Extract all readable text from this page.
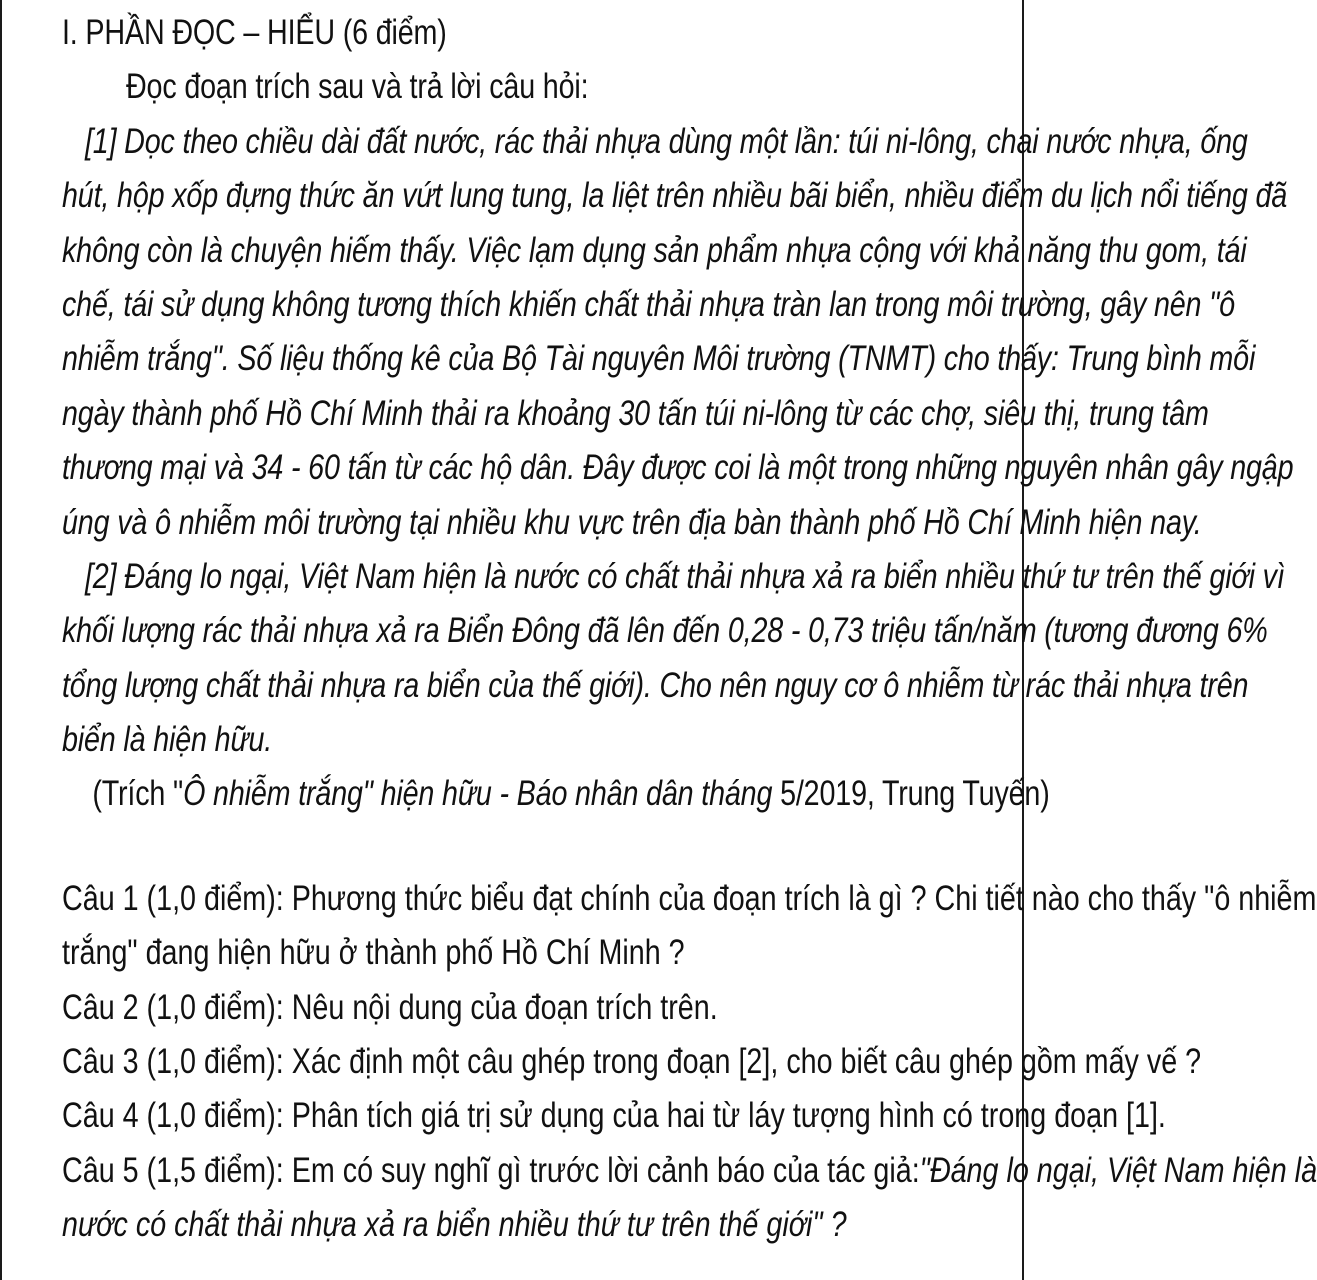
I. PHẦN ĐỌC – HIỂU (6 điểm)
Đọc đoạn trích sau và trả lời câu hỏi:
[1] Dọc theo chiều dài đất nước, rác thải nhựa dùng một lần: túi ni-lông, chai nước nhựa, ống
hút, hộp xốp đựng thức ăn vứt lung tung, la liệt trên nhiều bãi biển, nhiều điểm du lịch nổi tiếng đã
không còn là chuyện hiếm thấy. Việc lạm dụng sản phẩm nhựa cộng với khả năng thu gom, tái
chế, tái sử dụng không tương thích khiến chất thải nhựa tràn lan trong môi trường, gây nên "ô
nhiễm trắng". Số liệu thống kê của Bộ Tài nguyên Môi trường (TNMT) cho thấy: Trung bình mỗi
ngày thành phố Hồ Chí Minh thải ra khoảng 30 tấn túi ni-lông từ các chợ, siêu thị, trung tâm
thương mại và 34 - 60 tấn từ các hộ dân. Đây được coi là một trong những nguyên nhân gây ngập
úng và ô nhiễm môi trường tại nhiều khu vực trên địa bàn thành phố Hồ Chí Minh hiện nay.
[2] Đáng lo ngại, Việt Nam hiện là nước có chất thải nhựa xả ra biển nhiều thứ tư trên thế giới vì
khối lượng rác thải nhựa xả ra Biển Đông đã lên đến 0,28 - 0,73 triệu tấn/năm (tương đương 6%
tổng lượng chất thải nhựa ra biển của thế giới). Cho nên nguy cơ ô nhiễm từ rác thải nhựa trên
biển là hiện hữu.
(Trích "Ô nhiễm trắng" hiện hữu - Báo nhân dân tháng 5/2019, Trung Tuyến)
Câu 1 (1,0 điểm): Phương thức biểu đạt chính của đoạn trích là gì ? Chi tiết nào cho thấy "ô nhiễm
trắng" đang hiện hữu ở thành phố Hồ Chí Minh ?
Câu 2 (1,0 điểm): Nêu nội dung của đoạn trích trên.
Câu 3 (1,0 điểm): Xác định một câu ghép trong đoạn [2], cho biết câu ghép gồm mấy vế ?
Câu 4 (1,0 điểm): Phân tích giá trị sử dụng của hai từ láy tượng hình có trong đoạn [1].
Câu 5 (1,5 điểm): Em có suy nghĩ gì trước lời cảnh báo của tác giả:"Đáng lo ngại, Việt Nam hiện là
nước có chất thải nhựa xả ra biển nhiều thứ tư trên thế giới" ?
